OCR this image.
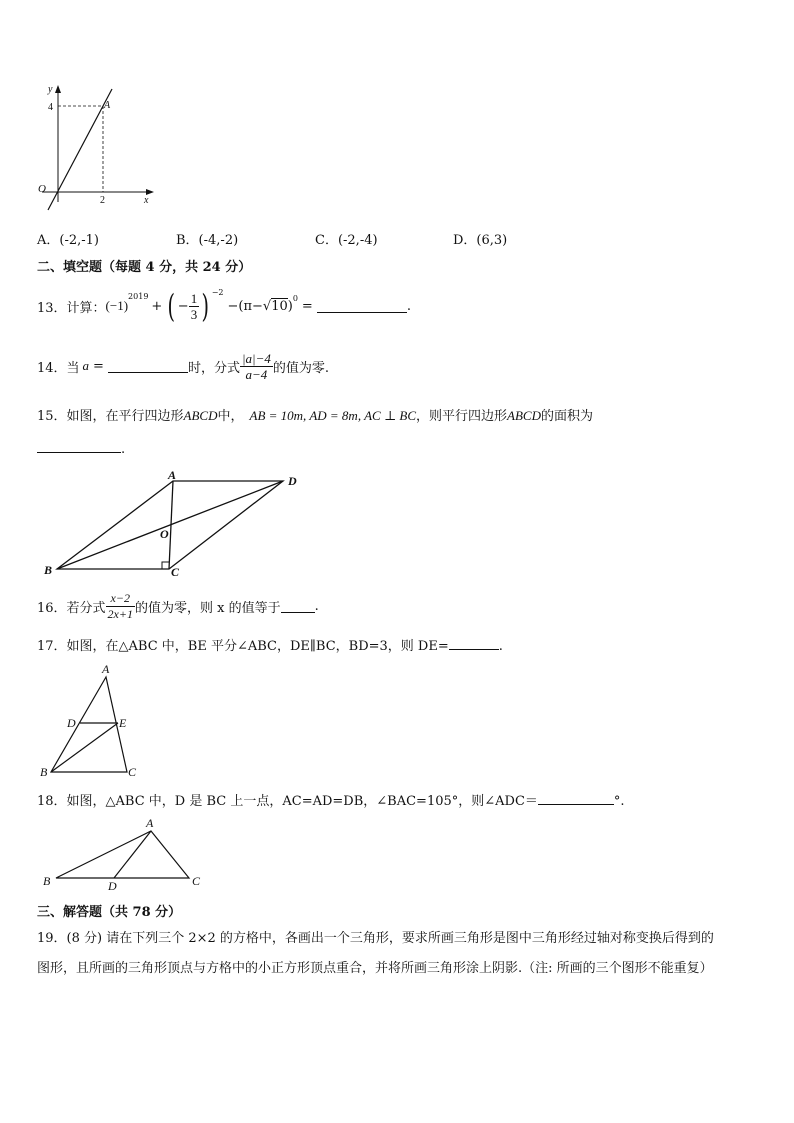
y
x
O
A
4
2
A．(-2,-1)	B．(-4,-2)	C．(-2,-4)	D．(6,3)
二、填空题（每题 4 分，共 24 分）
13．计算： (−1)
$^{2019}$
+ ( − $\frac{1}{3}$ ) $^{-2}$
−(π− √ 10 )$^0$ =	.
14．当 a =	时，分式 $\frac{|a|-4}{a-4}$ 的值为零.
15．如图，在平行四边形ABCD中， AB = 10m, AD = 8m, AC ⊥ BC，则平行四边形ABCD的面积为
.
A	D
B	C
O
16．若分式 $\frac{x-2}{2x+1}$ 的值为零，则 x 的值等于	.
17．如图，在△ABC 中，BE 平分∠ABC，DE∥BC，BD=3，则 DE=	.
A
D	E
B	C
18．如图，△ABC 中，D 是 BC 上一点，AC=AD=DB，∠BAC=105°，则∠ADC＝	°.
A
B	C
D
三、解答题（共 78 分）
19．(8 分) 请在下列三个 2×2 的方格中，各画出一个三角形，要求所画三角形是图中三角形经过轴对称变换后得到的
图形，且所画的三角形顶点与方格中的小正方形顶点重合，并将所画三角形涂上阴影.（注: 所画的三个图形不能重复）
